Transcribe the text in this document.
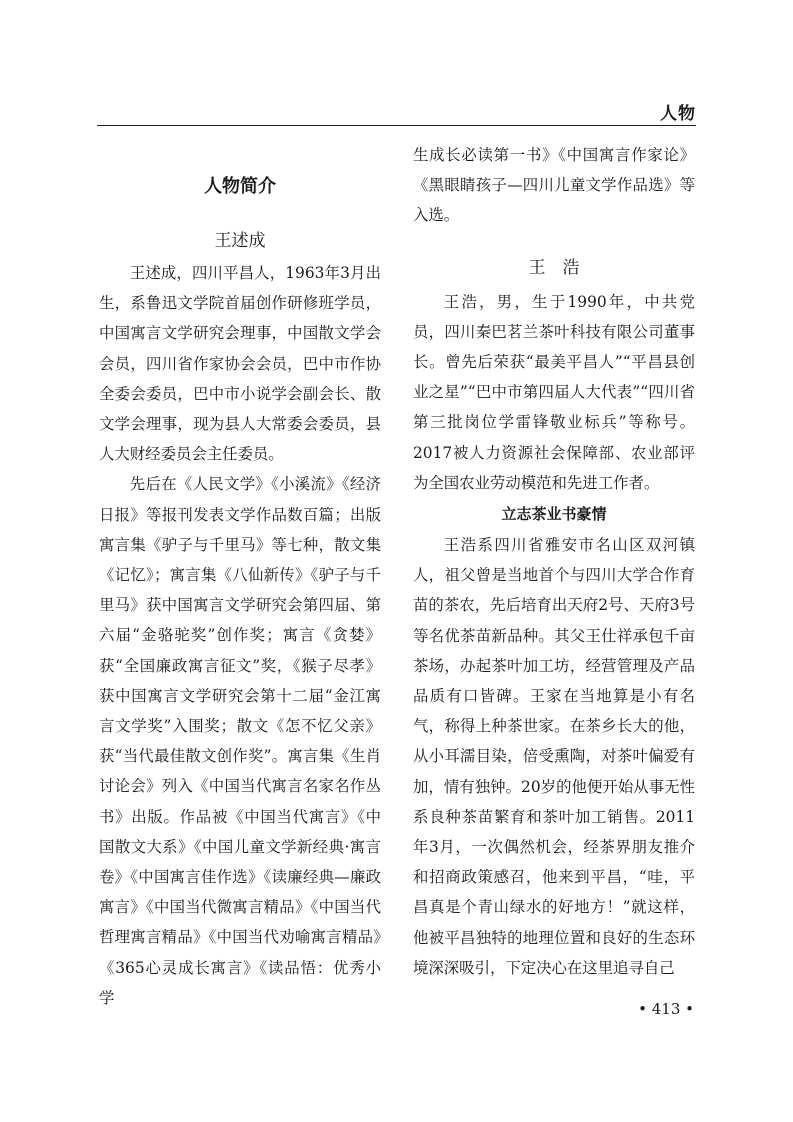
人物
人物简介
王述成

王述成，四川平昌人，1963年3月出生，系鲁迅文学院首届创作研修班学员，中国寓言文学研究会理事，中国散文学会会员，四川省作家协会会员，巴中市作协全委会委员，巴中市小说学会副会长、散文学会理事，现为县人大常委会委员，县人大财经委员会主任委员。

先后在《人民文学》《小溪流》《经济日报》等报刊发表文学作品数百篇；出版寓言集《驴子与千里马》等七种，散文集《记忆》；寓言集《八仙新传》《驴子与千里马》获中国寓言文学研究会第四届、第六届“金骆驼奖”创作奖；寓言《贪婪》获“全国廉政寓言征文”奖，《猴子尽孝》获中国寓言文学研究会第十二届“金江寓言文学奖”入围奖；散文《怎不忆父亲》获“当代最佳散文创作奖”。寓言集《生肖讨论会》列入《中国当代寓言名家名作丛书》出版。作品被《中国当代寓言》《中国散文大系》《中国儿童文学新经典·寓言卷》《中国寓言佳作选》《读廉经典—廉政寓言》《中国当代微寓言精品》《中国当代哲理寓言精品》《中国当代劝喻寓言精品》《365心灵成长寓言》《读品悟：优秀小学

生成长必读第一书》《中国寓言作家论》《黑眼睛孩子—四川儿童文学作品选》等入选。

王浩

王浩，男，生于1990年，中共党员，四川秦巴茗兰茶叶科技有限公司董事长。曾先后荣获“最美平昌人”“平昌县创业之星”“巴中市第四届人大代表”“四川省第三批岗位学雷锋敬业标兵”等称号。2017被人力资源社会保障部、农业部评为全国农业劳动模范和先进工作者。

立志茶业书豪情

王浩系四川省雅安市名山区双河镇人，祖父曾是当地首个与四川大学合作育苗的茶农，先后培育出天府2号、天府3号等名优茶苗新品种。其父王仕祥承包千亩茶场，办起茶叶加工坊，经营管理及产品品质有口皆碑。王家在当地算是小有名气，称得上种茶世家。在茶乡长大的他，从小耳濡目染，倍受熏陶，对茶叶偏爱有加，情有独钟。20岁的他便开始从事无性系良种茶苗繁育和茶叶加工销售。2011年3月，一次偶然机会，经茶界朋友推介和招商政策感召，他来到平昌，“哇，平昌真是个青山绿水的好地方！”就这样，他被平昌独特的地理位置和良好的生态环境深深吸引，下定决心在这里追寻自己

• 413 •
